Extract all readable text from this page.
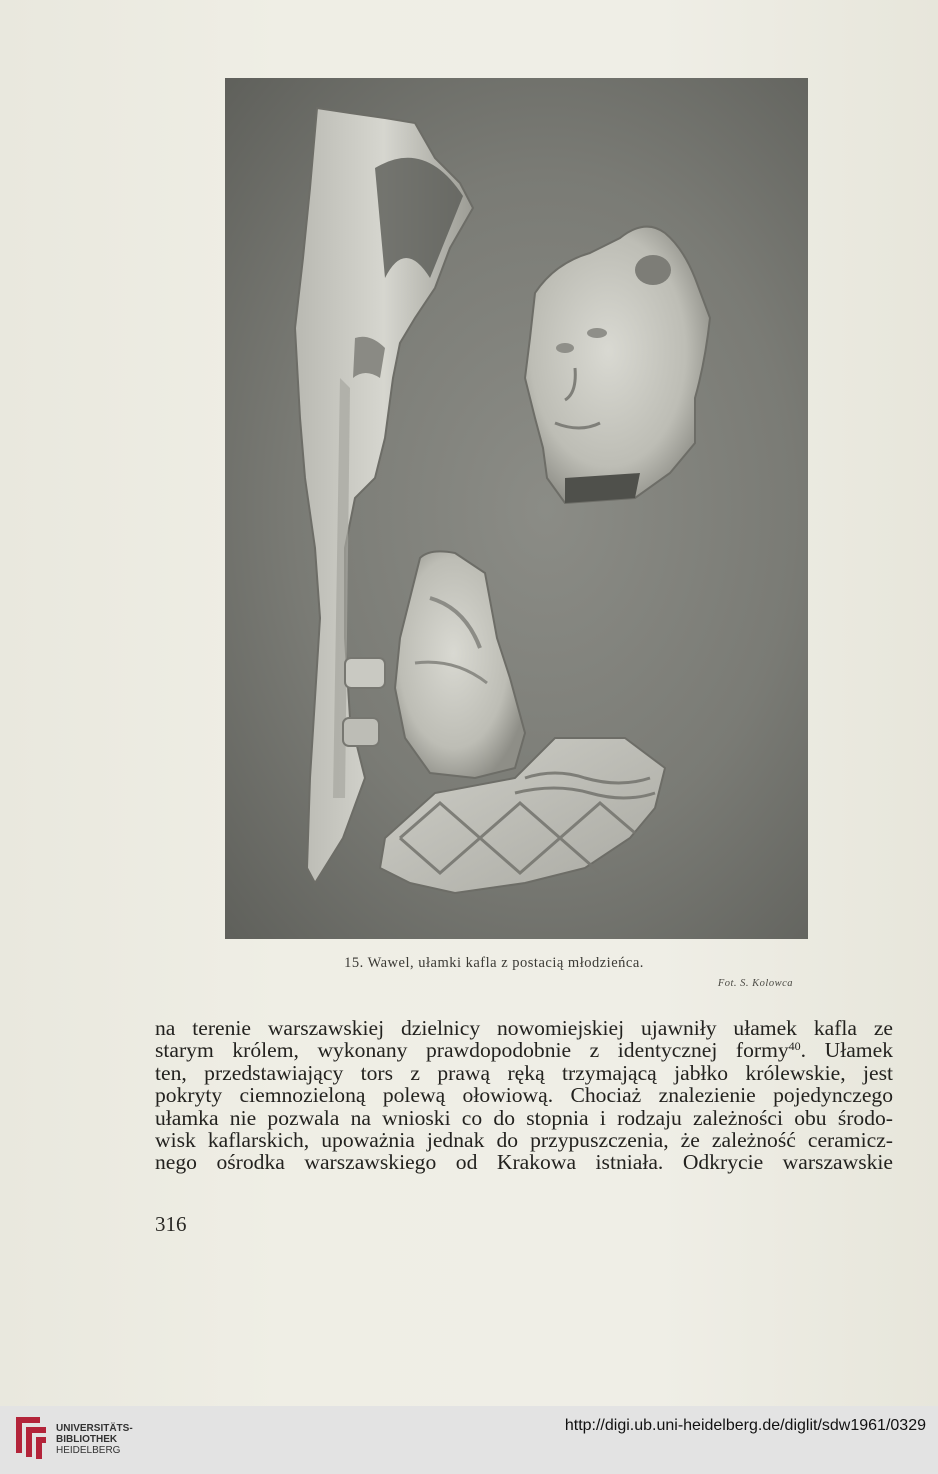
15. Wawel, ułamki kafla z postacią młodzieńca.
Fot. S. Kolowca
na terenie warszawskiej dzielnicy nowomiejskiej ujawniły ułamek kafla ze
starym królem, wykonany prawdopodobnie z identycznej formy$^{40}$. Ułamek
ten, przedstawiający tors z prawą ręką trzymającą jabłko królewskie, jest
pokryty ciemnozieloną polewą ołowiową. Chociaż znalezienie pojedynczego
ułamka nie pozwala na wnioski co do stopnia i rodzaju zależności obu środo-
wisk kaflarskich, upoważnia jednak do przypuszczenia, że zależność ceramicz-
nego ośrodka warszawskiego od Krakowa istniała. Odkrycie warszawskie
316
UNIVERSITÄTS-
BIBLIOTHEK
HEIDELBERG
http://digi.ub.uni-heidelberg.de/diglit/sdw1961/0329
